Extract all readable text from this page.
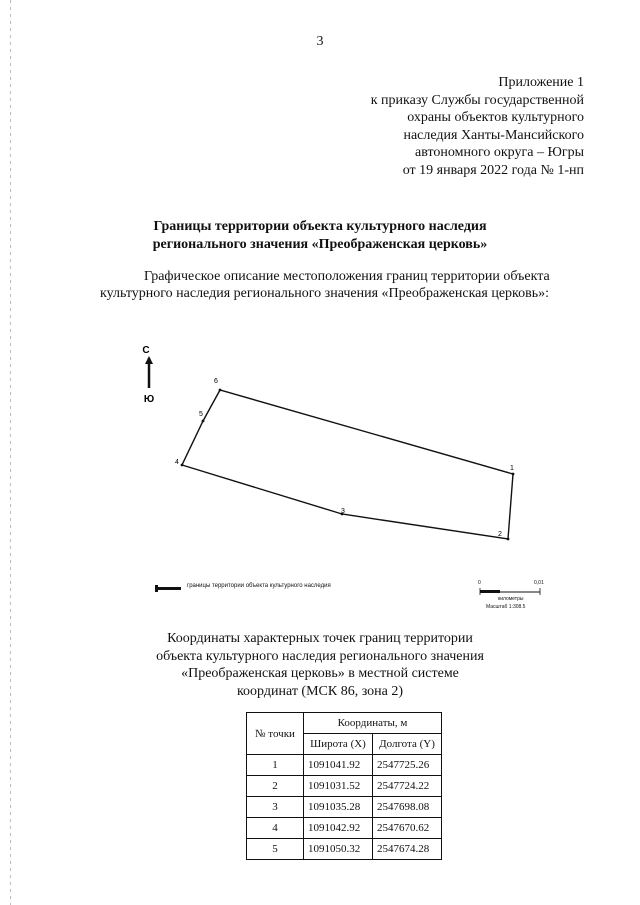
3
Приложение 1
к приказу Службы государственной
охраны объектов культурного
наследия Ханты-Мансийского
автономного округа – Югры
от 19 января 2022 года № 1-нп
Границы территории объекта культурного наследия
регионального значения «Преображенская церковь»
Графическое описание местоположения границ территории объекта
культурного наследия регионального значения «Преображенская церковь»:
С
Ю
1
2
3
4
5
6
границы территории объекта культурного наследия	0	0,01
километры
Масштаб 1:308.5
Координаты характерных точек границ территории
объекта культурного наследия регионального значения
«Преображенская церковь» в местной системе
координат (МСК 86, зона 2)
№ точки	Координаты, м	
	Широта (X)	Долгота (Y)
1	1091041.92	2547725.26
2	1091031.52	2547724.22
3	1091035.28	2547698.08
4	1091042.92	2547670.62
5	1091050.32	2547674.28
